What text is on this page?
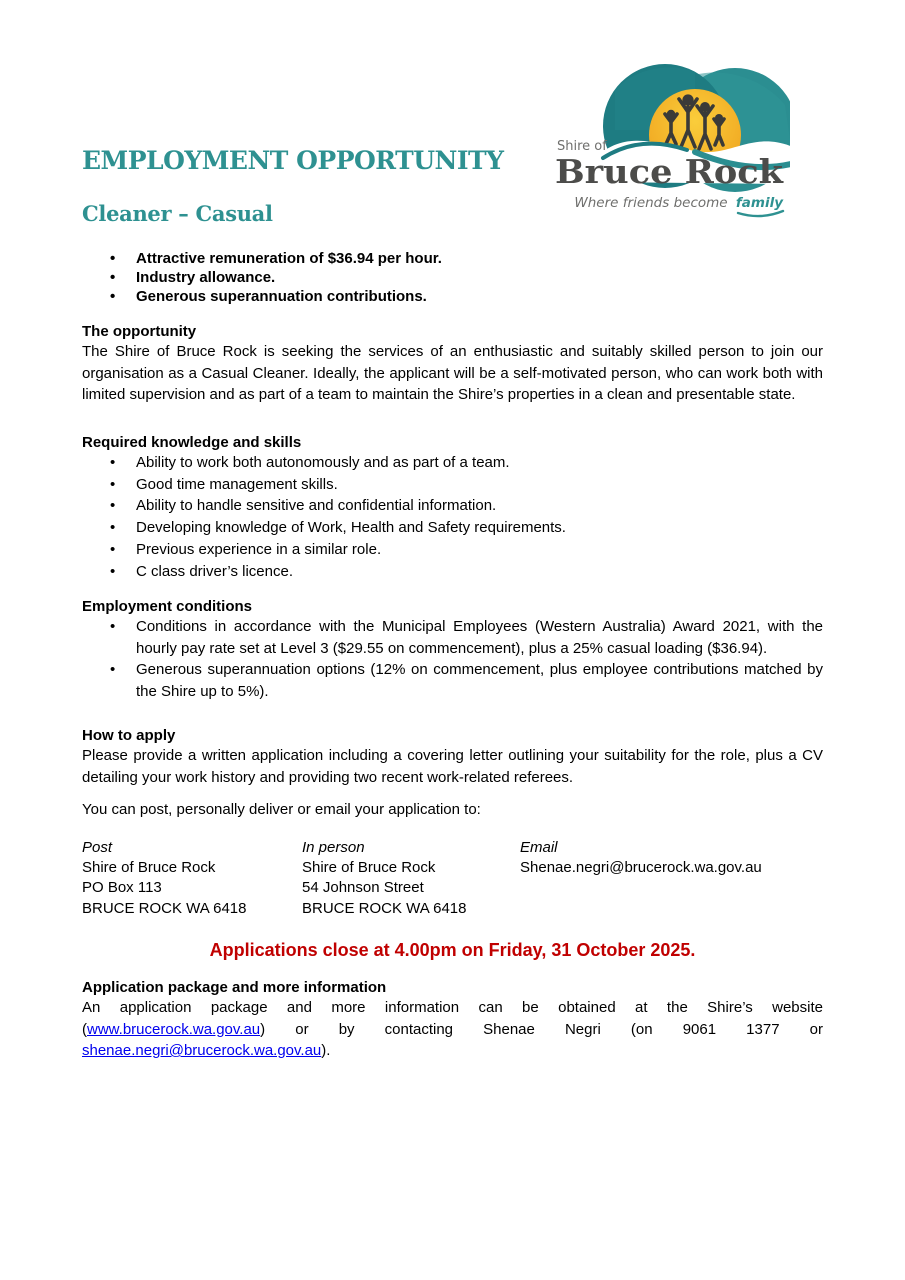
Shire of
Bruce Rock
Where friends become family
EMPLOYMENT OPPORTUNITY
Cleaner – Casual
• Attractive remuneration of $36.94 per hour.
• Industry allowance.
• Generous superannuation contributions.
The opportunity

The Shire of Bruce Rock is seeking the services of an enthusiastic and suitably skilled person to join our organisation as a Casual Cleaner. Ideally, the applicant will be a self-motivated person, who can work both with limited supervision and as part of a team to maintain the Shire’s properties in a clean and presentable state.

Required knowledge and skills
• Ability to work both autonomously and as part of a team.
• Good time management skills.
• Ability to handle sensitive and confidential information.
• Developing knowledge of Work, Health and Safety requirements.
• Previous experience in a similar role.
• C class driver’s licence.
Employment conditions
• Conditions in accordance with the Municipal Employees (Western Australia) Award 2021, with the hourly pay rate set at Level 3 ($29.55 on commencement), plus a 25% casual loading ($36.94).
• Generous superannuation options (12% on commencement, plus employee contributions matched by the Shire up to 5%).
How to apply

Please provide a written application including a covering letter outlining your suitability for the role, plus a CV detailing your work history and providing two recent work-related referees.

You can post, personally deliver or email your application to:
Post
Shire of Bruce Rock
PO Box 113
BRUCE ROCK WA 6418
In person
Shire of Bruce Rock
54 Johnson Street
BRUCE ROCK WA 6418
Email
Shenae.negri@brucerock.wa.gov.au
Applications close at 4.00pm on Friday, 31 October 2025.
Application package and more information

An application package and more information can be obtained at the Shire’s website (www.brucerock.wa.gov.au) or by contacting Shenae Negri (on 9061 1377 or shenae.negri@brucerock.wa.gov.au).
